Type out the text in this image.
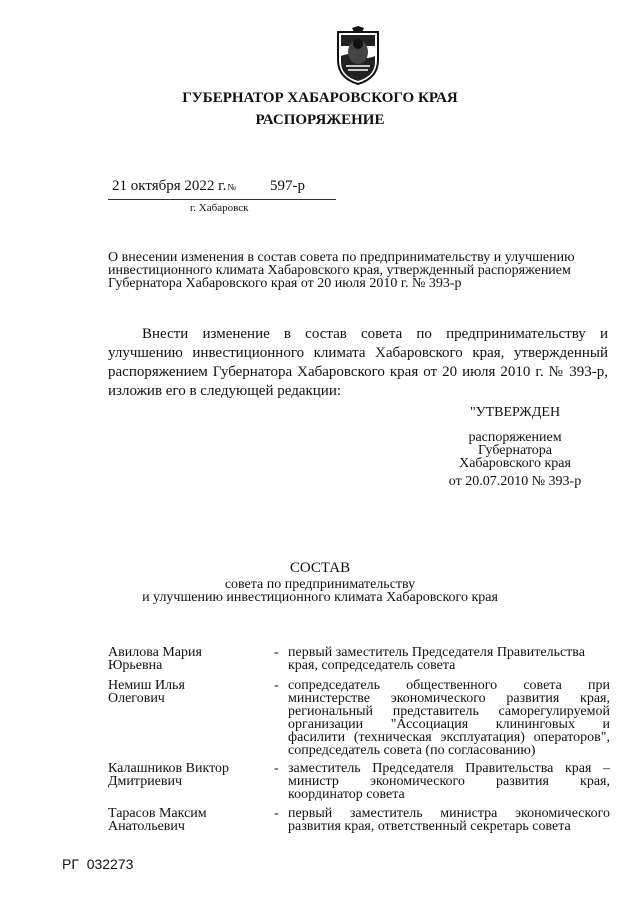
ГУБЕРНАТОР ХАБАРОВСКОГО КРАЯ
РАСПОРЯЖЕНИЕ
21 октября 2022 г.№ 597-р
г. Хабаровск
О внесении изменения в состав совета по предпринимательству и улучшению инвестиционного климата Хабаровского края, утвержденный распоряжением Губернатора Хабаровского края от 20 июля 2010 г. № 393-р

Внести изменение в состав совета по предпринимательству и улучшению инвестиционного климата Хабаровского края, утвержденный распоряжением Губернатора Хабаровского края от 20 июля 2010 г. № 393-р, изложив его в следующей редакции:

"УТВЕРЖДЕН
распоряжением
Губернатора
Хабаровского края
от 20.07.2010 № 393-р
СОСТАВ
совета по предпринимательству
и улучшению инвестиционного климата Хабаровского края
Авилова Мария
Юрьевна
- первый заместитель Председателя Правительства
края, сопредседатель совета
Немиш Илья
Олегович
- сопредседатель общественного совета при
министерстве экономического развития края,
региональный представитель саморегулируемой
организации "Ассоциация клининговых и
фасилити (техническая эксплуатация) операторов",
сопредседатель совета (по согласованию)
Калашников Виктор
Дмитриевич
- заместитель Председателя Правительства края –
министр экономического развития края,
координатор совета
Тарасов Максим
Анатольевич
- первый заместитель министра экономического
развития края, ответственный секретарь совета
РГ 032273
